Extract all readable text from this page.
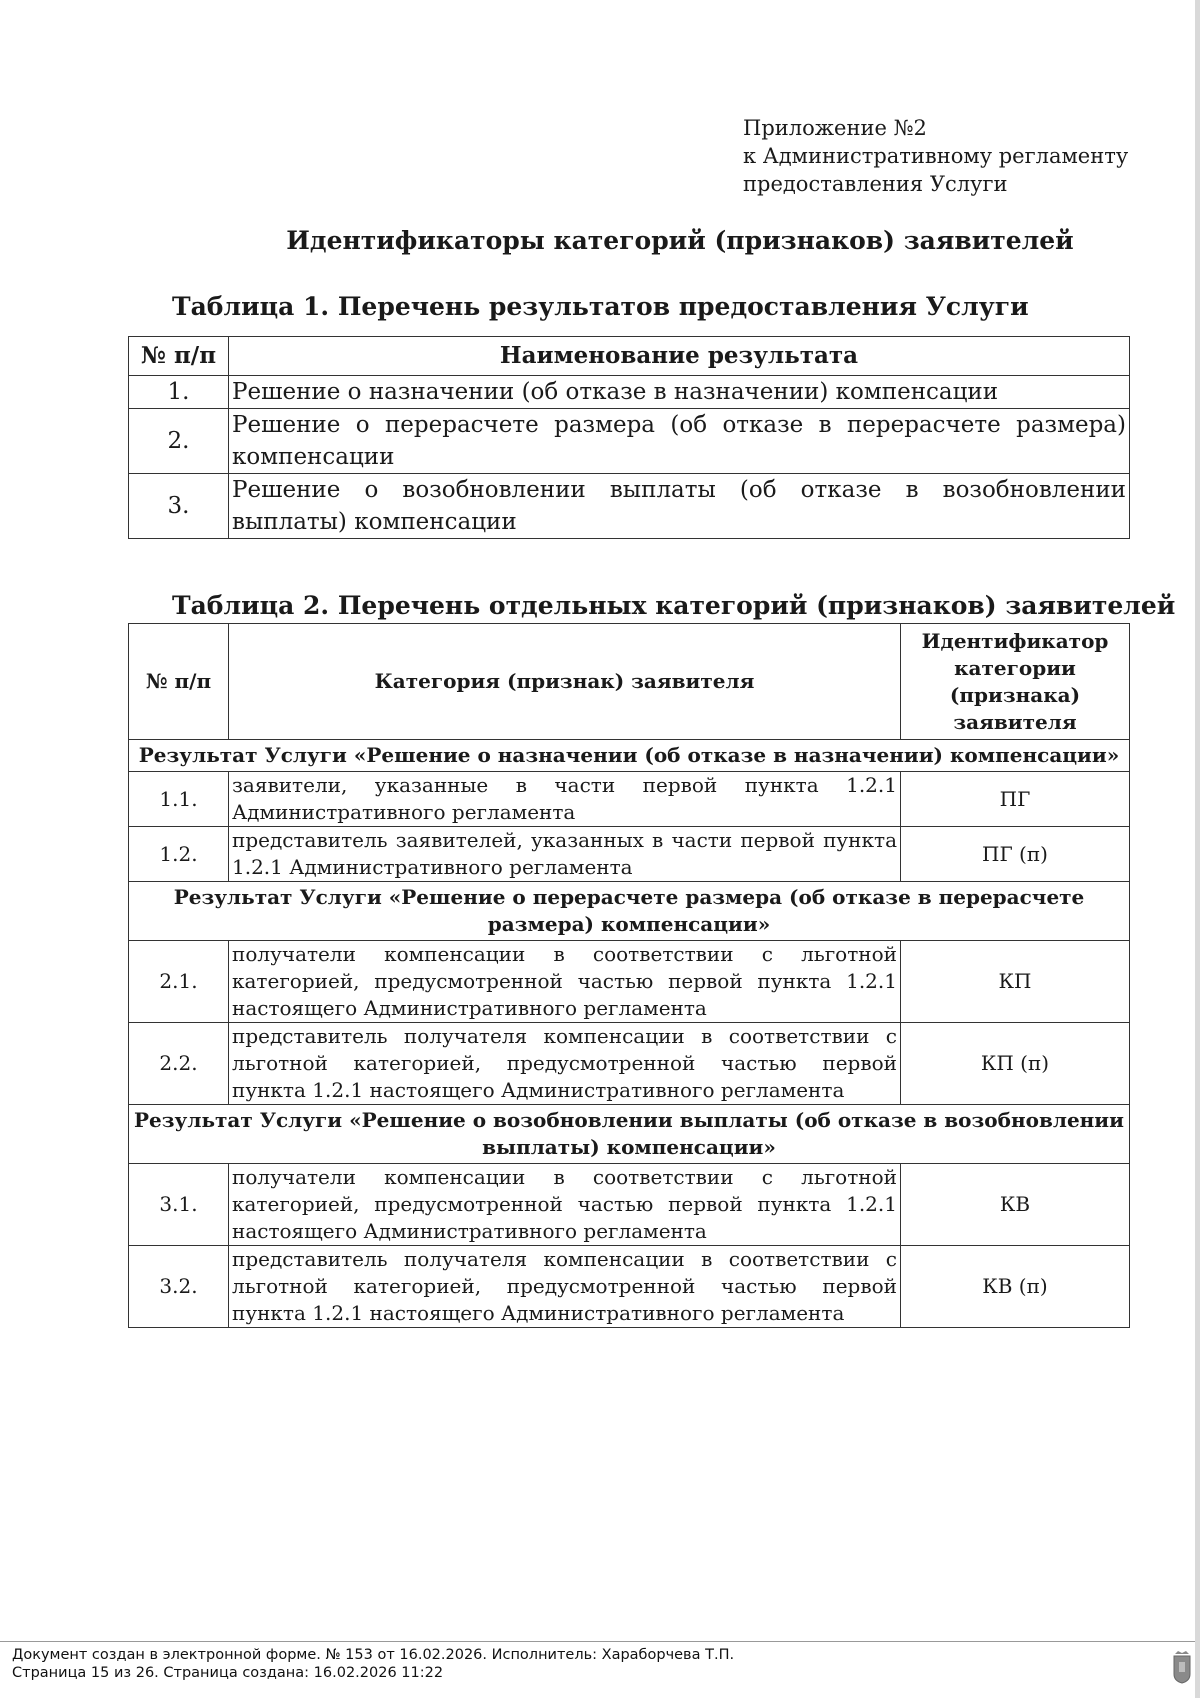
Приложение №2
к Административному регламенту
предоставления Услуги
Идентификаторы категорий (признаков) заявителей
Таблица 1. Перечень результатов предоставления Услуги
№ п/п	Наименование результата
1.	Решение о назначении (об отказе в назначении) компенсации
2.	Решение о перерасчете размера (об отказе в перерасчете размера) компенсации
3.	Решение о возобновлении выплаты (об отказе в возобновлении выплаты) компенсации
Таблица 2. Перечень отдельных категорий (признаков) заявителей
№ п/п	Категория (признак) заявителя	Идентификатор категории (признака) заявителя
Результат Услуги «Решение о назначении (об отказе в назначении) компенсации»		
1.1.	заявители, указанные в части первой пункта 1.2.1 Административного регламента	ПГ
1.2.	представитель заявителей, указанных в части первой пункта 1.2.1 Административного регламента	ПГ (п)
Результат Услуги «Решение о перерасчете размера (об отказе в перерасчете размера) компенсации»		
2.1.	получатели компенсации в соответствии с льготной категорией, предусмотренной частью первой пункта 1.2.1 настоящего Административного регламента	КП
2.2.	представитель получателя компенсации в соответствии с льготной категорией, предусмотренной частью первой пункта 1.2.1 настоящего Административного регламента	КП (п)
Результат Услуги «Решение о возобновлении выплаты (об отказе в возобновлении выплаты) компенсации»		
3.1.	получатели компенсации в соответствии с льготной категорией, предусмотренной частью первой пункта 1.2.1 настоящего Административного регламента	КВ
3.2.	представитель получателя компенсации в соответствии с льготной категорией, предусмотренной частью первой пункта 1.2.1 настоящего Административного регламента	КВ (п)
Документ создан в электронной форме. № 153 от 16.02.2026. Исполнитель: Хараборчева Т.П.
Страница 15 из 26. Страница создана: 16.02.2026 11:22
